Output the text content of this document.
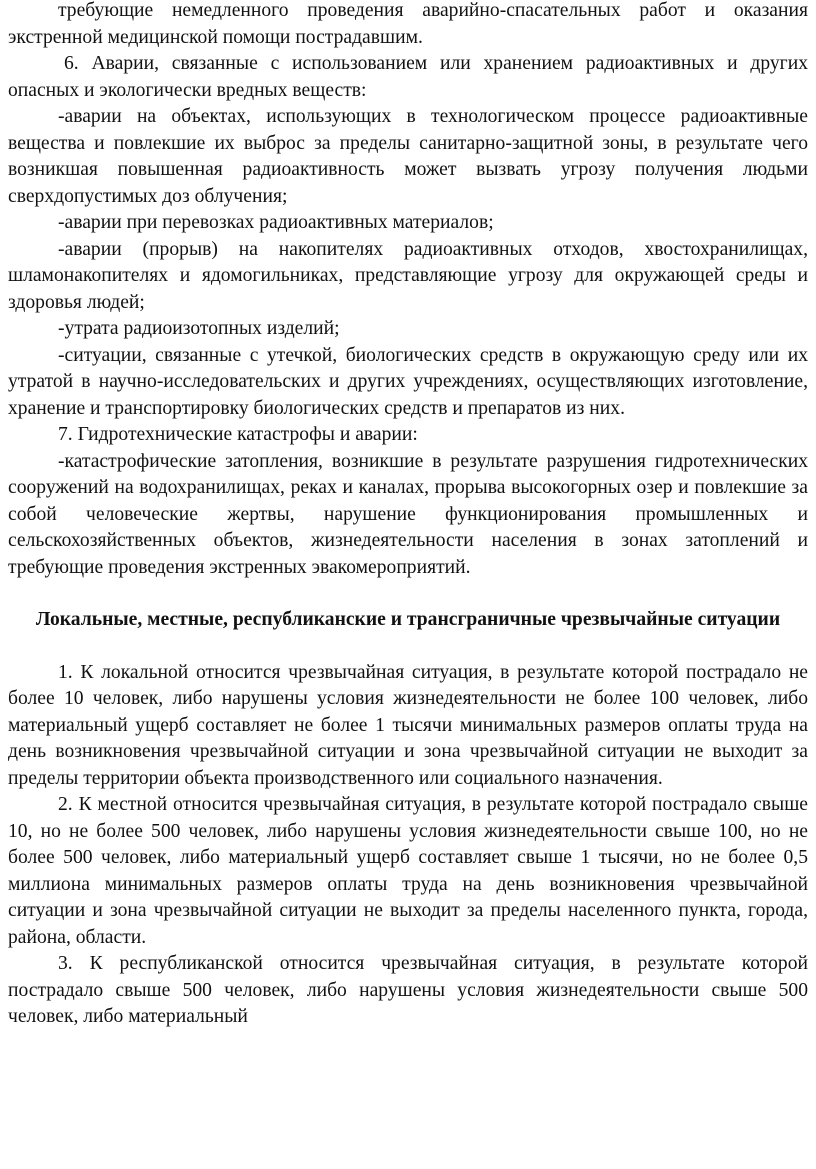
требующие немедленного проведения аварийно-спасательных работ и оказания экстренной медицинской помощи пострадавшим.

6. Аварии, связанные с использованием или хранением радиоактивных и других опасных и экологически вредных веществ:

-аварии на объектах, использующих в технологическом процессе радиоактивные вещества и повлекшие их выброс за пределы санитарно-защитной зоны, в результате чего возникшая повышенная радиоактивность может вызвать угрозу получения людьми сверхдопустимых доз облучения;

-аварии при перевозках радиоактивных материалов;

-аварии (прорыв) на накопителях радиоактивных отходов, хвостохранилищах, шламонакопителях и ядомогильниках, представляющие угрозу для окружающей среды и здоровья людей;

-утрата радиоизотопных изделий;

-ситуации, связанные с утечкой, биологических средств в окружающую среду или их утратой в научно-исследовательских и других учреждениях, осуществляющих изготовление, хранение и транспортировку биологических средств и препаратов из них.

7. Гидротехнические катастрофы и аварии:

-катастрофические затопления, возникшие в результате разрушения гидротехнических сооружений на водохранилищах, реках и каналах, прорыва высокогорных озер и повлекшие за собой человеческие жертвы, нарушение функционирования промышленных и сельскохозяйственных объектов, жизнедеятельности населения в зонах затоплений и требующие проведения экстренных эвакомероприятий.

Локальные, местные, республиканские и трансграничные чрезвычайные ситуации

1. К локальной относится чрезвычайная ситуация, в результате которой пострадало не более 10 человек, либо нарушены условия жизнедеятельности не более 100 человек, либо материальный ущерб составляет не более 1 тысячи минимальных размеров оплаты труда на день возникновения чрезвычайной ситуации и зона чрезвычайной ситуации не выходит за пределы территории объекта производственного или социального назначения.

2. К местной относится чрезвычайная ситуация, в результате которой пострадало свыше 10, но не более 500 человек, либо нарушены условия жизнедеятельности свыше 100, но не более 500 человек, либо материальный ущерб составляет свыше 1 тысячи, но не более 0,5 миллиона минимальных размеров оплаты труда на день возникновения чрезвычайной ситуации и зона чрезвычайной ситуации не выходит за пределы населенного пункта, города, района, области.

3. К республиканской относится чрезвычайная ситуация, в результате которой пострадало свыше 500 человек, либо нарушены условия жизнедеятельности свыше 500 человек, либо материальный
